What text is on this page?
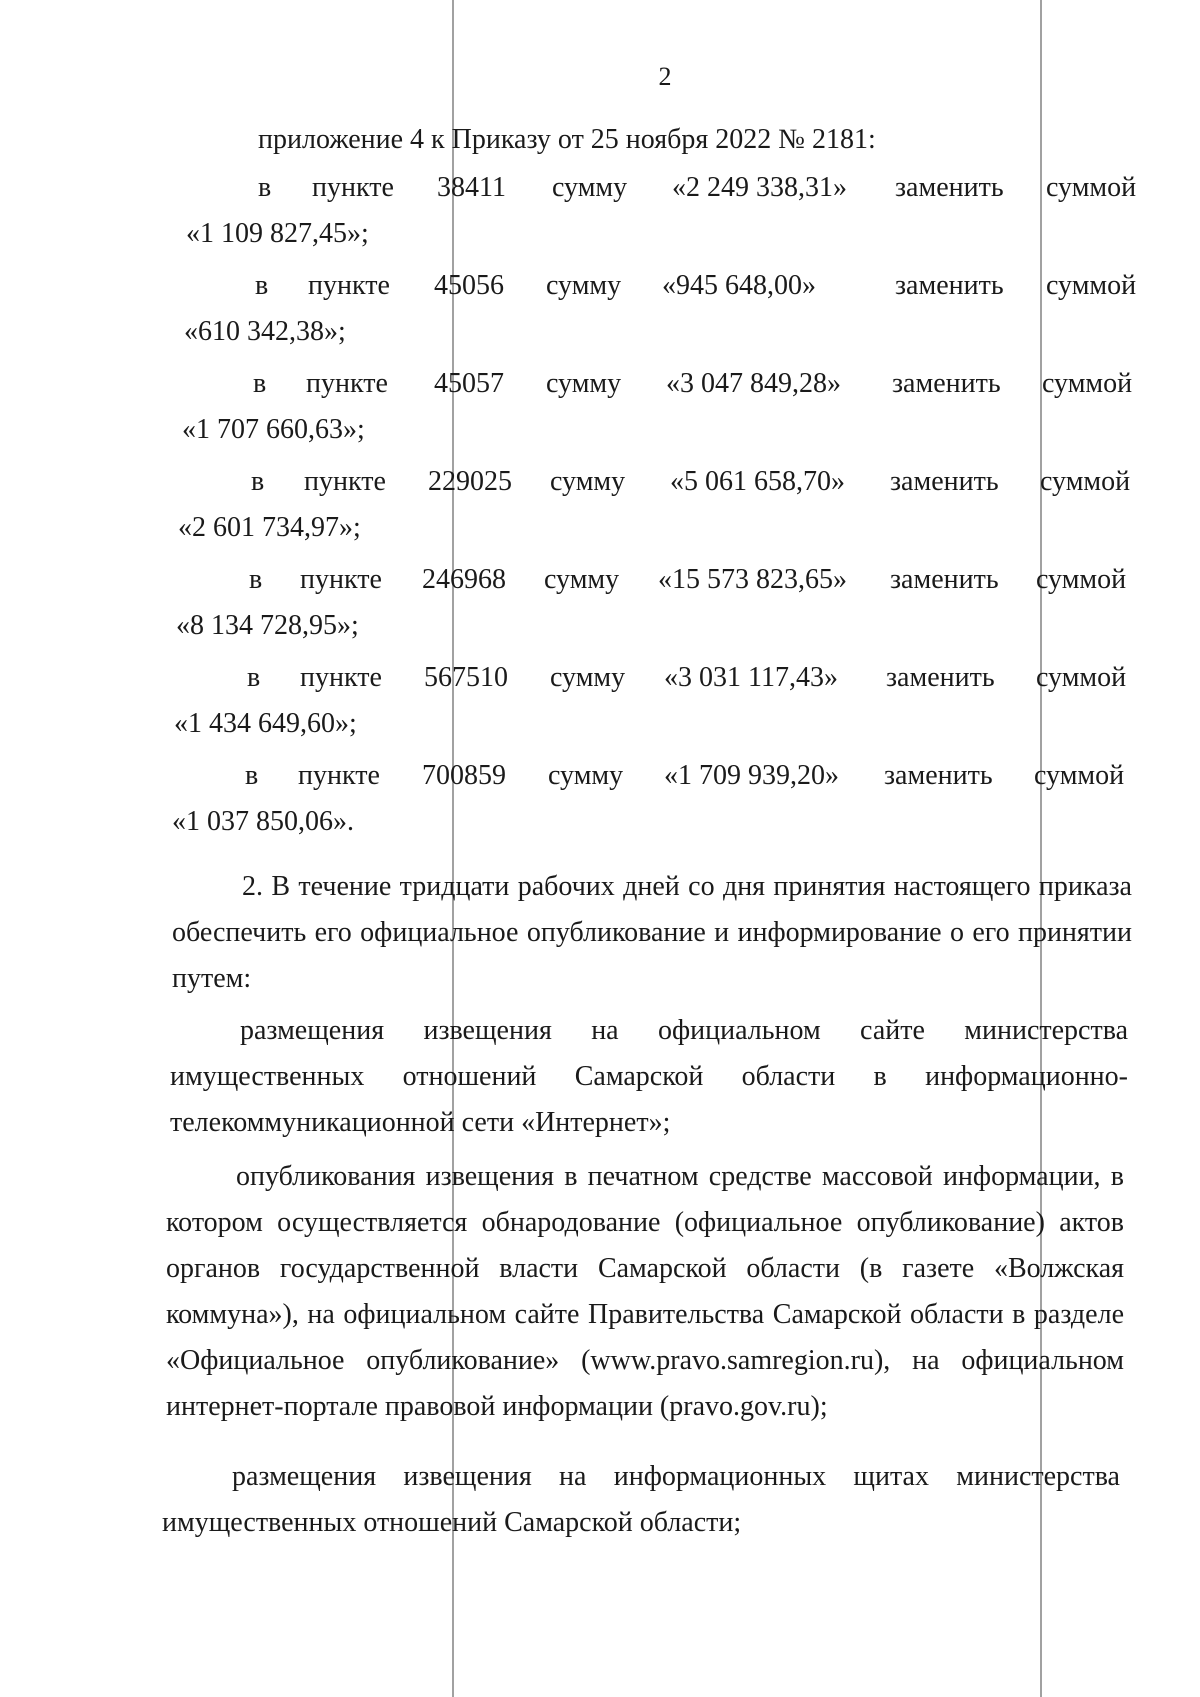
2
приложение 4 к Приказу от 25 ноября 2022 № 2181:
в пункте 38411 сумму «2 249 338,31» заменить суммой
«1 109 827,45»;
в пункте 45056 сумму «945 648,00»	заменить суммой
«610 342,38»;
в пункте 45057 сумму «3 047 849,28» заменить суммой
«1 707 660,63»;
в пункте 229025 сумму «5 061 658,70» заменить суммой
«2 601 734,97»;
в пункте 246968 сумму «15 573 823,65» заменить суммой
«8 134 728,95»;
в пункте 567510 сумму «3 031 117,43» заменить суммой
«1 434 649,60»;
в пункте 700859 сумму «1 709 939,20» заменить суммой
«1 037 850,06».
2. В течение тридцати рабочих дней со дня принятия настоящего приказа обеспечить его официальное опубликование и информирование о его принятии путем:
размещения извещения на официальном сайте министерства имущественных отношений Самарской области в информационно-телекоммуникационной сети «Интернет»;
опубликования извещения в печатном средстве массовой информации, в котором осуществляется обнародование (официальное опубликование) актов органов государственной власти Самарской области (в газете «Волжская коммуна»), на официальном сайте Правительства Самарской области в разделе «Официальное опубликование» (www.pravo.samregion.ru), на официальном интернет-портале правовой информации (pravo.gov.ru);
размещения извещения на информационных щитах министерства имущественных отношений Самарской области;
